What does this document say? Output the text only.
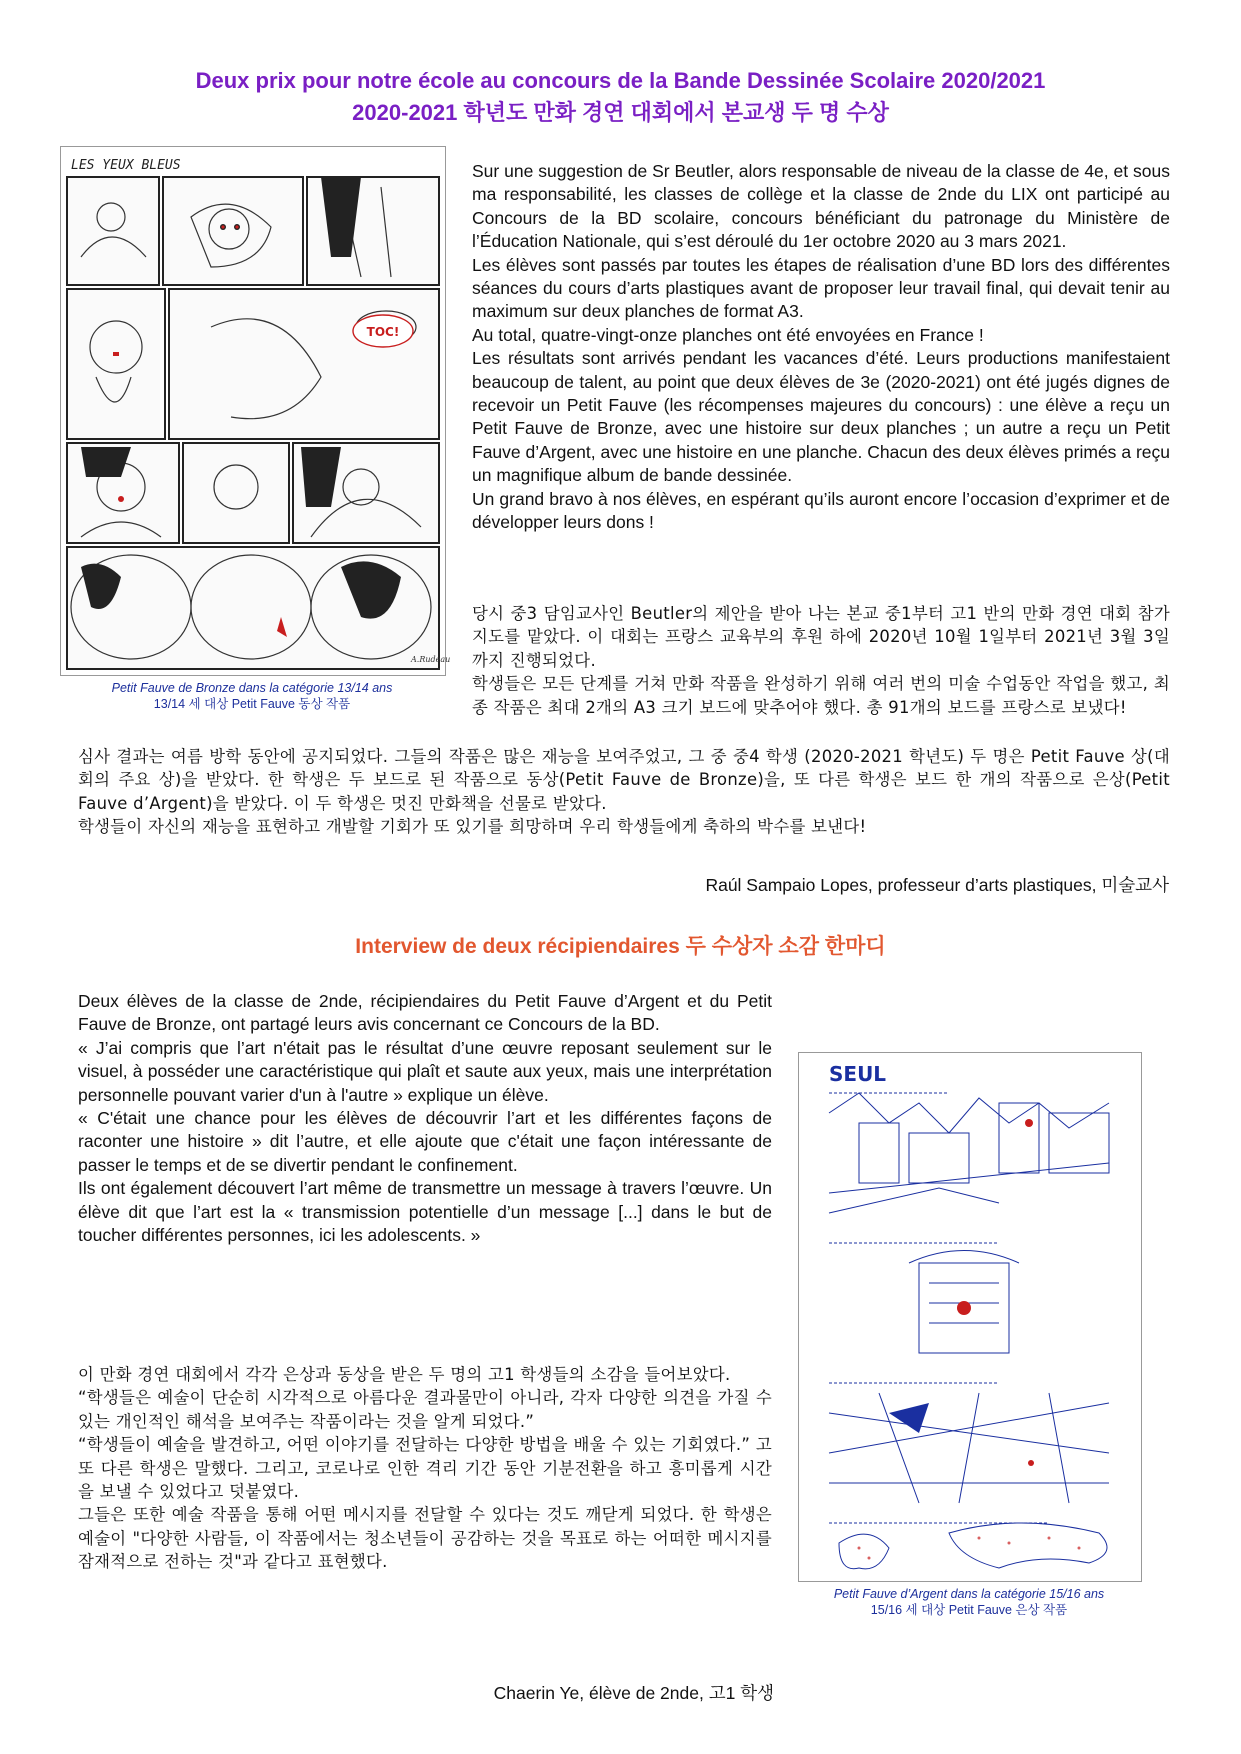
Deux prix pour notre école au concours de la Bande Dessinée Scolaire 2020/2021
2020-2021 학년도 만화 경연 대회에서 본교생 두 명 수상
LES YEUX BLEUS
TOC!
A.Rudeau
Petit Fauve de Bronze dans la catégorie 13/14 ans
13/14 세 대상 Petit Fauve 동상 작품
Sur une suggestion de Sr Beutler, alors responsable de niveau de la classe de 4e, et sous ma responsabilité, les classes de collège et la classe de 2nde du LIX ont participé au Concours de la BD scolaire, concours bénéficiant du patronage du Ministère de l’Éducation Nationale, qui s’est déroulé du 1er octobre 2020 au 3 mars 2021.
Les élèves sont passés par toutes les étapes de réalisation d’une BD lors des différentes séances du cours d’arts plastiques avant de proposer leur travail final, qui devait tenir au maximum sur deux planches de format A3.
Au total, quatre-vingt-onze planches ont été envoyées en France !
Les résultats sont arrivés pendant les vacances d’été. Leurs productions manifestaient beaucoup de talent, au point que deux élèves de 3e (2020-2021) ont été jugés dignes de recevoir un Petit Fauve (les récompenses majeures du concours) : une élève a reçu un Petit Fauve de Bronze, avec une histoire sur deux planches ; un autre a reçu un Petit Fauve d’Argent, avec une histoire en une planche. Chacun des deux élèves primés a reçu un magnifique album de bande dessinée.
Un grand bravo à nos élèves, en espérant qu’ils auront encore l’occasion d’exprimer et de développer leurs dons !
당시 중3 담임교사인 Beutler의 제안을 받아 나는 본교 중1부터 고1 반의 만화 경연 대회 참가지도를 맡았다. 이 대회는 프랑스 교육부의 후원 하에 2020년 10월 1일부터 2021년 3월 3일까지 진행되었다.
학생들은 모든 단계를 거쳐 만화 작품을 완성하기 위해 여러 번의 미술 수업동안 작업을 했고, 최종 작품은 최대 2개의 A3 크기 보드에 맞추어야 했다. 총 91개의 보드를 프랑스로 보냈다!
심사 결과는 여름 방학 동안에 공지되었다. 그들의 작품은 많은 재능을 보여주었고, 그 중 중4 학생 (2020-2021 학년도) 두 명은 Petit Fauve 상(대회의 주요 상)을 받았다. 한 학생은 두 보드로 된 작품으로 동상(Petit Fauve de Bronze)을, 또 다른 학생은 보드 한 개의 작품으로 은상(Petit Fauve d’Argent)을 받았다. 이 두 학생은 멋진 만화책을 선물로 받았다.
학생들이 자신의 재능을 표현하고 개발할 기회가 또 있기를 희망하며 우리 학생들에게 축하의 박수를 보낸다!
Raúl Sampaio Lopes, professeur d’arts plastiques, 미술교사
Interview de deux récipiendaires 두 수상자 소감 한마디
Deux élèves de la classe de 2nde, récipiendaires du Petit Fauve d’Argent et du Petit Fauve de Bronze, ont partagé leurs avis concernant ce Concours de la BD.
« J’ai compris que l’art n'était pas le résultat d’une œuvre reposant seulement sur le visuel, à posséder une caractéristique qui plaît et saute aux yeux, mais une interprétation personnelle pouvant varier d'un à l'autre » explique un élève.
« C'était une chance pour les élèves de découvrir l’art et les différentes façons de raconter une histoire » dit l’autre, et elle ajoute que c'était une façon intéressante de passer le temps et de se divertir pendant le confinement.
Ils ont également découvert l’art même de transmettre un message à travers l’œuvre. Un élève dit que l’art est la « transmission potentielle d’un message [...] dans le but de toucher différentes personnes, ici les adolescents. »
이 만화 경연 대회에서 각각 은상과 동상을 받은 두 명의 고1 학생들의 소감을 들어보았다.
“학생들은 예술이 단순히 시각적으로 아름다운 결과물만이 아니라, 각자 다양한 의견을 가질 수 있는 개인적인 해석을 보여주는 작품이라는 것을 알게 되었다.”
“학생들이 예술을 발견하고, 어떤 이야기를 전달하는 다양한 방법을 배울 수 있는 기회였다.” 고 또 다른 학생은 말했다. 그리고, 코로나로 인한 격리 기간 동안 기분전환을 하고 흥미롭게 시간을 보낼 수 있었다고 덧붙였다.
그들은 또한 예술 작품을 통해 어떤 메시지를 전달할 수 있다는 것도 깨닫게 되었다. 한 학생은 예술이 "다양한 사람들, 이 작품에서는 청소년들이 공감하는 것을 목표로 하는 어떠한 메시지를 잠재적으로 전하는 것"과 같다고 표현했다.
Chaerin Ye, élève de 2nde, 고1 학생
SEUL
Petit Fauve d’Argent dans la catégorie 15/16 ans
15/16 세 대상 Petit Fauve 은상 작품
